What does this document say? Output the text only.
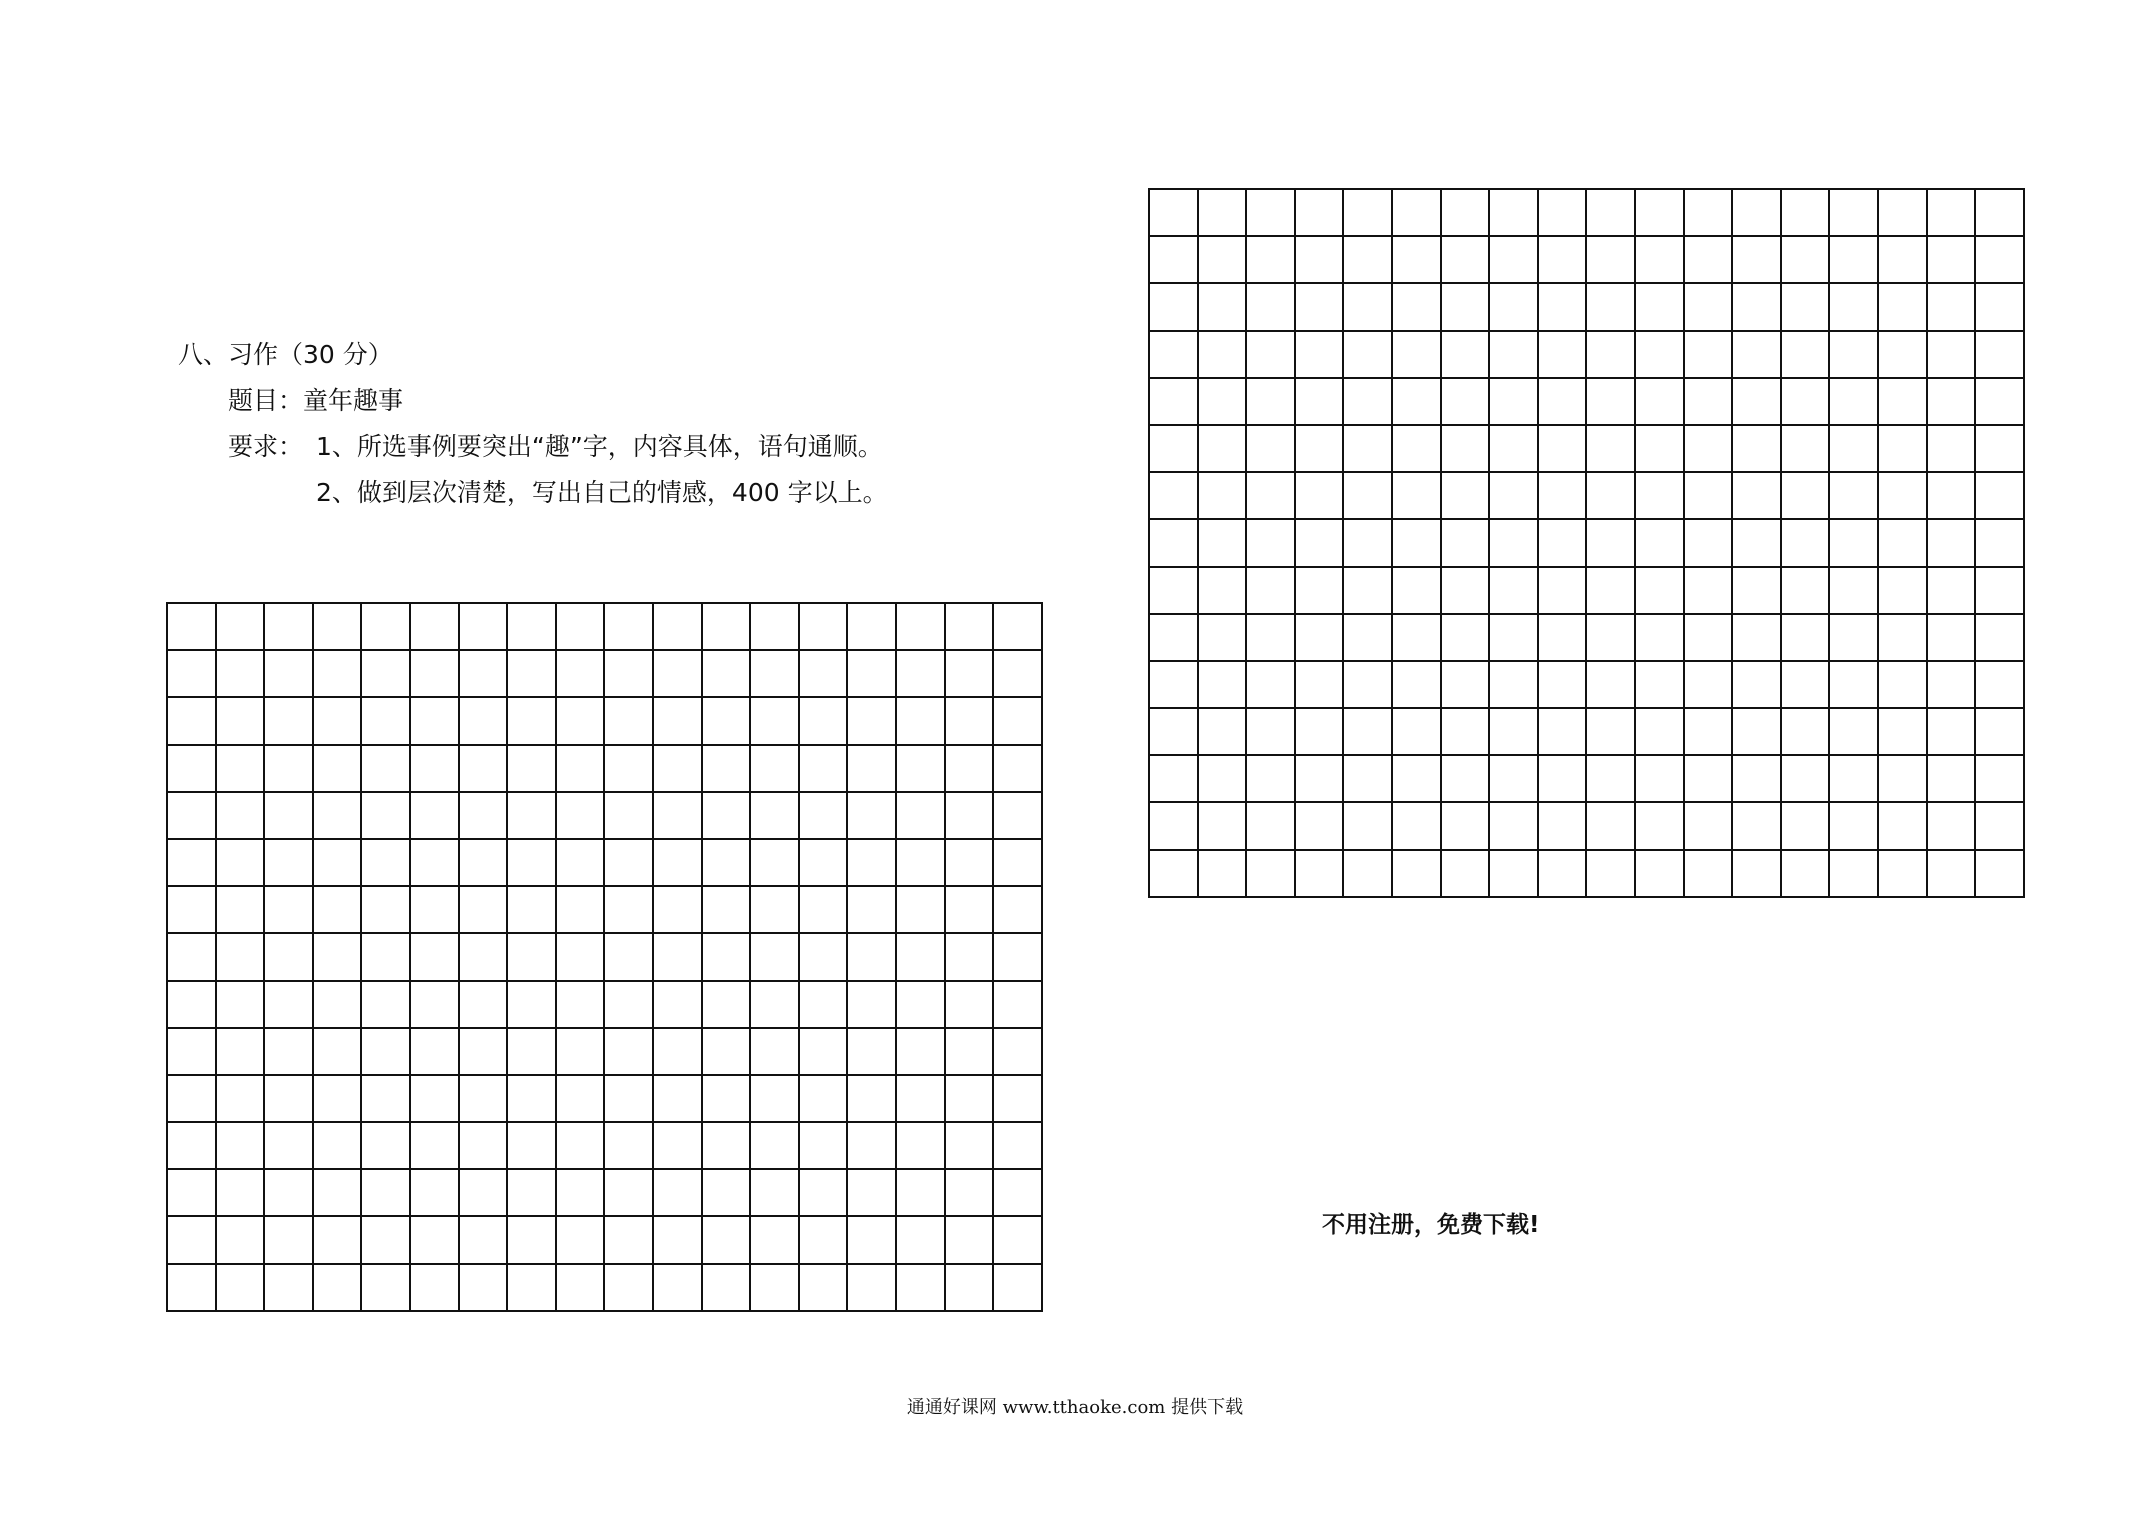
八、习作（30 分）
题目：童年趣事
要求： 1、所选事例要突出“趣”字，内容具体，语句通顺。
2、做到层次清楚，写出自己的情感，400 字以上。
不用注册，免费下载!
通通好课网 www.tthaoke.com 提供下载
